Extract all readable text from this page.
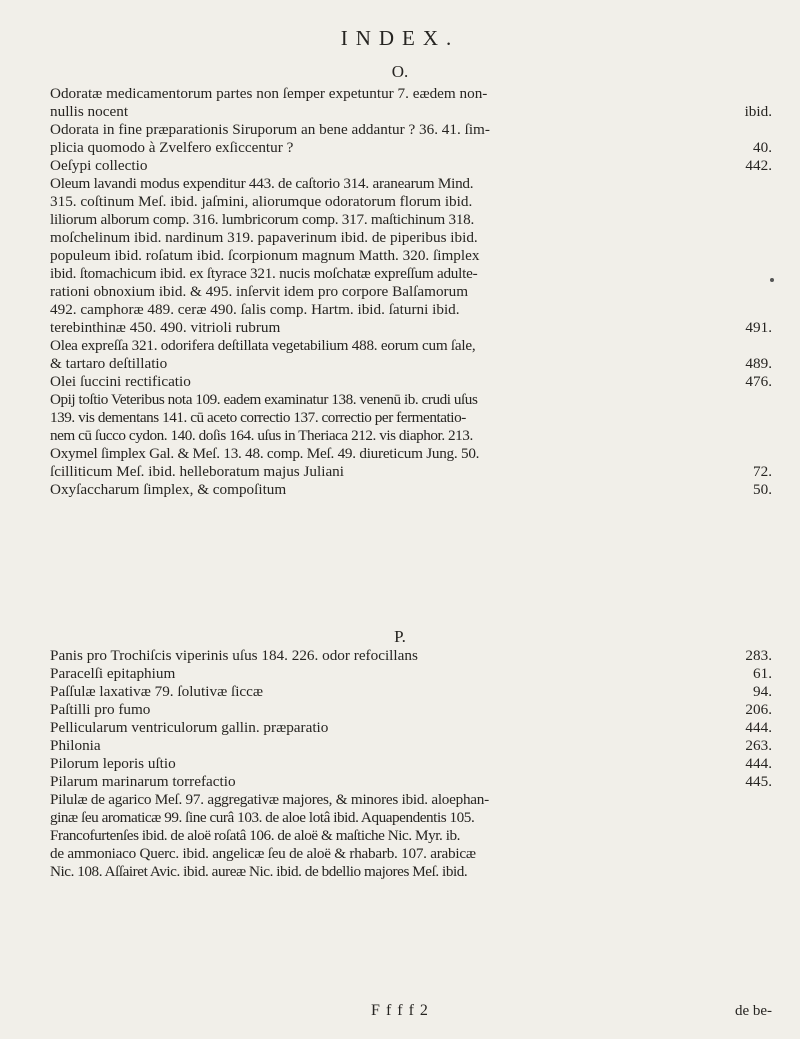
INDEX.
O.
Odoratæ medicamentorum partes non ſemper expetuntur 7. eædem non-
nullis nocent	ibid.
Odorata in fine præparationis Siruporum an bene addantur ? 36. 41. ſim-
plicia quomodo à Zvelfero exſiccentur ?	40.
Oeſypi collectio	442.
Oleum lavandi modus expenditur 443. de caſtorio 314. aranearum Mind.
315. coſtinum Meſ. ibid. jaſmini, aliorumque odoratorum florum ibid.
liliorum alborum comp. 316. lumbricorum comp. 317. maſtichinum 318.
moſchelinum ibid. nardinum 319. papaverinum ibid. de piperibus ibid.
populeum ibid. roſatum ibid. ſcorpionum magnum Matth. 320. ſimplex
ibid. ſtomachicum ibid. ex ſtyrace 321. nucis moſchatæ expreſſum adulte-
rationi obnoxium ibid. & 495. inſervit idem pro corpore Balſamorum
492. camphoræ 489. ceræ 490. ſalis comp. Hartm. ibid. ſaturni ibid.
terebinthinæ 450. 490. vitrioli rubrum	491.
Olea expreſſa 321. odorifera deſtillata vegetabilium 488. eorum cum ſale,
& tartaro deſtillatio	489.
Olei ſuccini rectificatio	476.
Opij toſtio Veteribus nota 109. eadem examinatur 138. venenū ib. crudi uſus
139. vis dementans 141. cū aceto correctio 137. correctio per fermentatio-
nem cū ſucco cydon. 140. doſis 164. uſus in Theriaca 212. vis diaphor. 213.
Oxymel ſimplex Gal. & Meſ. 13. 48. comp. Meſ. 49. diureticum Jung. 50.
ſcilliticum Meſ. ibid. helleboratum majus Juliani	72.
Oxyſaccharum ſimplex, & compoſitum	50.
P.
Panis pro Trochiſcis viperinis uſus 184. 226. odor refocillans	283.
Paracelſi epitaphium	61.
Paſſulæ laxativæ 79. ſolutivæ ſiccæ	94.
Paſtilli pro fumo	206.
Pellicularum ventriculorum gallin. præparatio	444.
Philonia	263.
Pilorum leporis uſtio	444.
Pilarum marinarum torrefactio	445.
Pilulæ de agarico Meſ. 97. aggregativæ majores, & minores ibid. aloephan-
ginæ ſeu aromaticæ 99. ſine curâ 103. de aloe lotâ ibid. Aquapendentis 105.
Francofurtenſes ibid. de aloë roſatâ 106. de aloë & maſtiche Nic. Myr. ib.
de ammoniaco Querc. ibid. angelicæ ſeu de aloë & rhabarb. 107. arabicæ
Nic. 108. Aſſairet Avic. ibid. aureæ Nic. ibid. de bdellio majores Meſ. ibid.
F f f f 2	de be-
